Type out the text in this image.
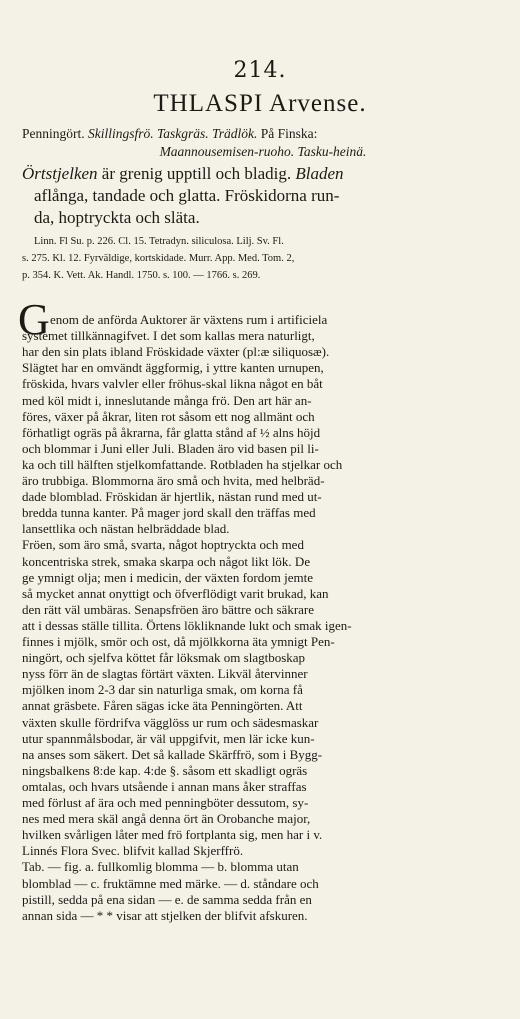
214.
THLASPI Arvense.
Penningört. Skillingsfrö. Taskgräs. Trädlök. På Finska:
Maannousemisen-ruoho. Tasku-heinä.
Örtstjelken är grenig upptill och bladig. Bladen
aflånga, tandade och glatta. Fröskidorna run-
da, hoptryckta och släta.
Linn. Fl Su. p. 226. Cl. 15. Tetradyn. siliculosa. Lilj. Sv. Fl.
s. 275. Kl. 12. Fyrväldige, kortskidade. Murr. App. Med. Tom. 2,
p. 354. K. Vett. Ak. Handl. 1750. s. 100. — 1766. s. 269.
G enom de anförda Auktorer är växtens rum i artificiela
systemet tillkännagifvet. I det som kallas mera naturligt,
har den sin plats ibland Fröskidade växter (pl:æ siliquosæ).
Slägtet har en omvändt äggformig, i yttre kanten urnupen,
fröskida, hvars valvler eller fröhus-skal likna något en båt
med köl midt i, inneslutande många frö. Den art här an-
föres, växer på åkrar, liten rot såsom ett nog allmänt och
förhatligt ogräs på åkrarna, får glatta stånd af ½ alns höjd
och blommar i Juni eller Juli. Bladen äro vid basen pil li-
ka och till hälften stjelkomfattande. Rotbladen ha stjelkar och
äro trubbiga. Blommorna äro små och hvita, med helbräd-
dade blomblad. Fröskidan är hjertlik, nästan rund med ut-
bredda tunna kanter. På mager jord skall den träffas med
lansettlika och nästan helbräddade blad.
Fröen, som äro små, svarta, något hoptryckta och med
koncentriska strek, smaka skarpa och något likt lök. De
ge ymnigt olja; men i medicin, der växten fordom jemte
så mycket annat onyttigt och öfverflödigt varit brukad, kan
den rätt väl umbäras. Senapsfröen äro bättre och säkrare
att i dessas ställe tillita. Örtens lökliknande lukt och smak igen-
finnes i mjölk, smör och ost, då mjölkkorna äta ymnigt Pen-
ningört, och sjelfva köttet får löksmak om slagtboskap
nyss förr än de slagtas förtärt växten. Likväl återvinner
mjölken inom 2-3 dar sin naturliga smak, om korna få
annat gräsbete. Fåren sägas icke äta Penningörten. Att
växten skulle fördrifva vägglöss ur rum och sädesmaskar
utur spannmålsbodar, är väl uppgifvit, men lär icke kun-
na anses som säkert. Det så kallade Skärffrö, som i Bygg-
ningsbalkens 8:de kap. 4:de §. såsom ett skadligt ogräs
omtalas, och hvars utsående i annan mans åker straffas
med förlust af ära och med penningböter dessutom, sy-
nes med mera skäl angå denna ört än Orobanche major,
hvilken svårligen låter med frö fortplanta sig, men har i v.
Linnés Flora Svec. blifvit kallad Skjerffrö.
Tab. — fig. a. fullkomlig blomma — b. blomma utan
blomblad — c. fruktämne med märke. — d. ståndare och
pistill, sedda på ena sidan — e. de samma sedda från en
annan sida — * * visar att stjelken der blifvit afskuren.
